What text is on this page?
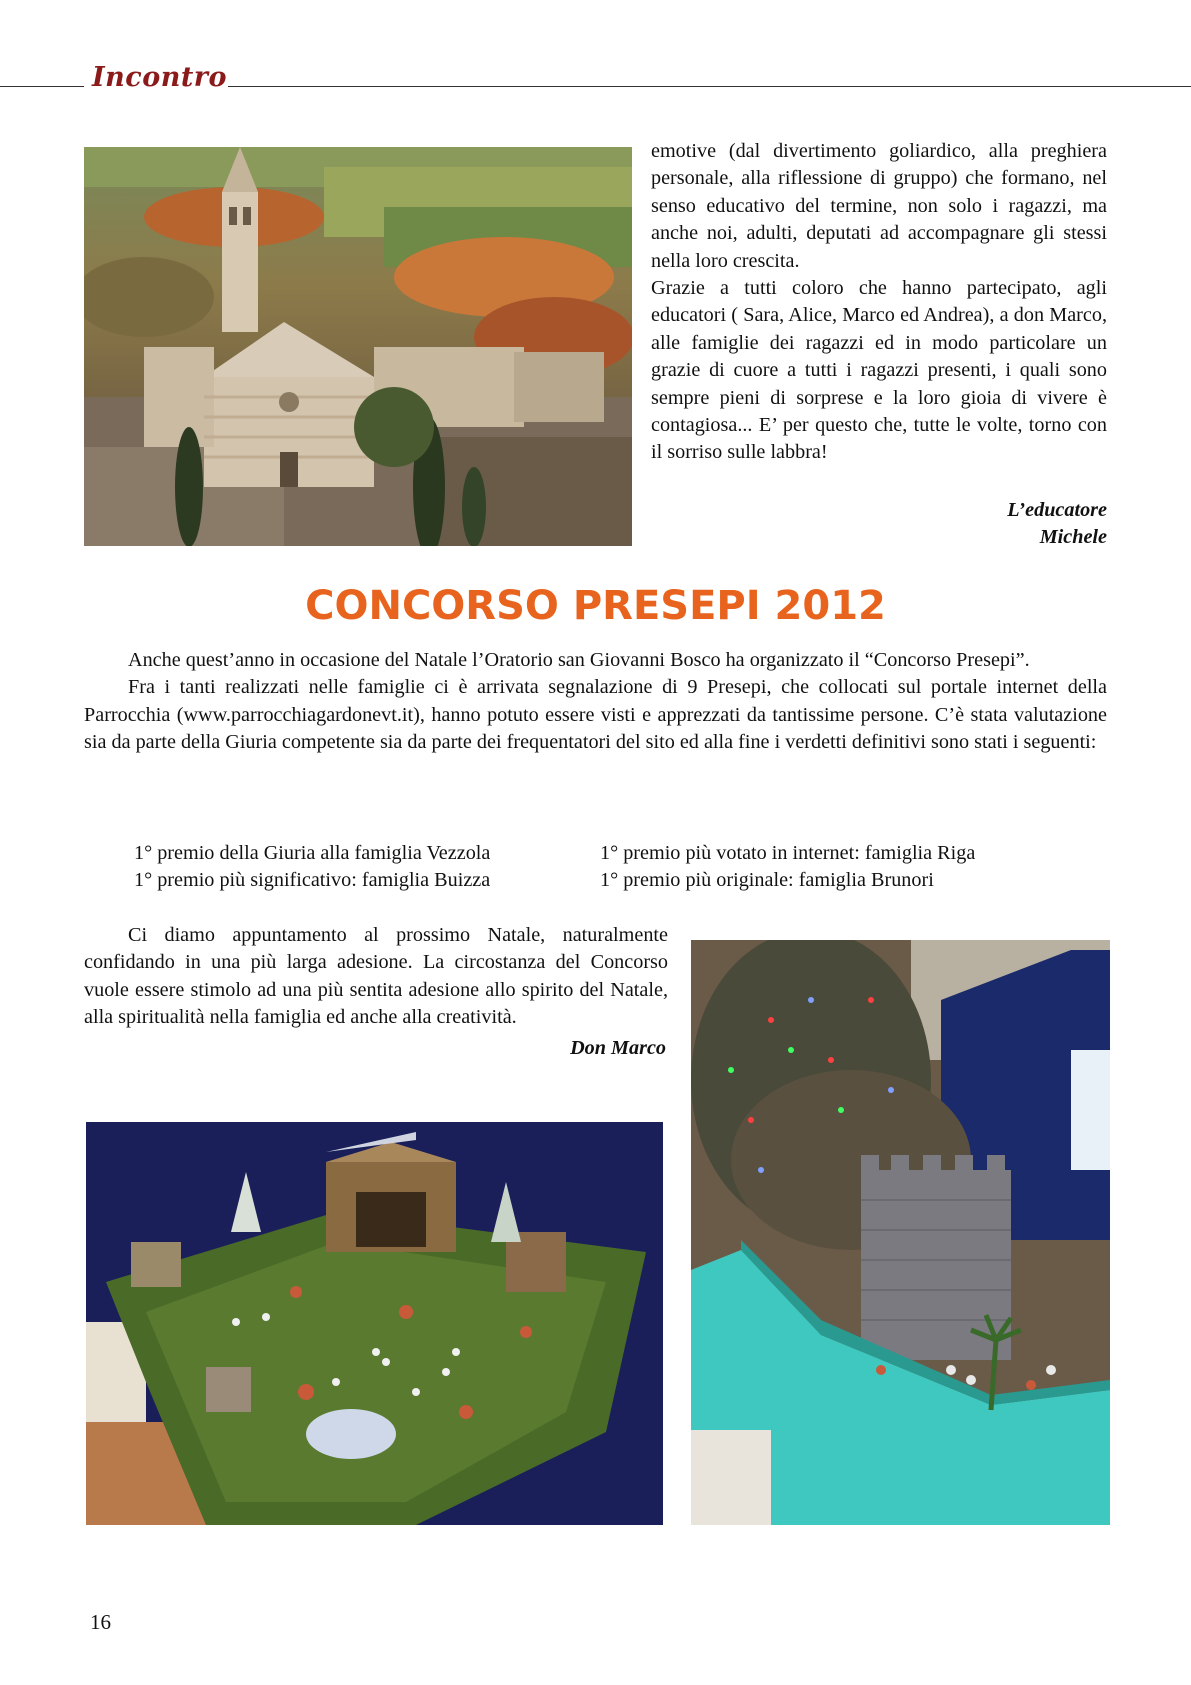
Incontro

emotive (dal divertimento goliardico, alla preghiera personale, alla riflessione di gruppo) che formano, nel senso educativo del termine, non solo i ragazzi, ma anche noi, adulti, deputati ad accompagnare gli stessi nella loro crescita.

Grazie a tutti coloro che hanno partecipato, agli educatori ( Sara, Alice, Marco ed Andrea), a don Marco, alle famiglie dei ragazzi ed in modo particolare un grazie di cuore a tutti i ragazzi presenti, i quali sono sempre pieni di sorprese e la loro gioia di vivere è contagiosa... E’ per questo che, tutte le volte, torno con il sorriso sulle labbra!

L’educatore
Michele
CONCORSO PRESEPI 2012

Anche quest’anno in occasione del Natale l’Oratorio san Giovanni Bosco ha organizzato il “Concorso Presepi”.

Fra i tanti realizzati nelle famiglie ci è arrivata segnalazione di 9 Presepi, che collocati sul portale internet della Parrocchia (www.parrocchiagardonevt.it), hanno potuto essere visti e apprezzati da tantissime persone. C’è stata valutazione sia da parte della Giuria competente sia da parte dei frequentatori del sito ed alla fine i verdetti definitivi sono stati i seguenti:

1° premio della Giuria alla famiglia Vezzola	1° premio più votato in internet: famiglia Riga
1° premio più significativo: famiglia Buizza	1° premio più originale: famiglia Brunori

Ci diamo appuntamento al prossimo Natale, naturalmente confidando in una più larga adesione. La circostanza del Concorso vuole essere stimolo ad una più sentita adesione allo spirito del Natale, alla spiritualità nella famiglia ed anche alla creatività.

Don Marco
16
